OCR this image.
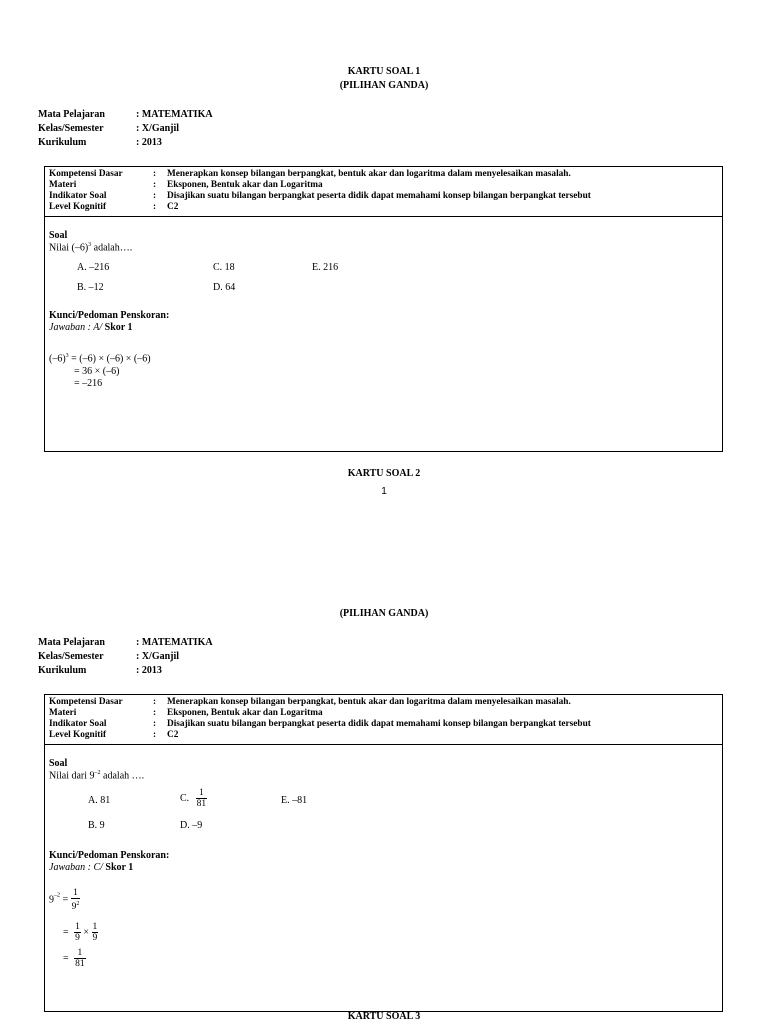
KARTU SOAL 1
(PILIHAN GANDA)
Mata Pelajaran	: MATEMATIKA
Kelas/Semester	: X/Ganjil
Kurikulum	: 2013
Kompetensi Dasar	: Menerapkan konsep bilangan berpangkat, bentuk akar dan logaritma dalam menyelesaikan masalah.
Materi	: Eksponen, Bentuk akar dan Logaritma
Indikator Soal	: Disajikan suatu bilangan berpangkat peserta didik dapat memahami konsep bilangan berpangkat tersebut
Level Kognitif	: C2
Soal
Nilai $(-6)^3$ adalah….
A. –216	C. 18	E. 216
B. –12	D. 64
Kunci/Pedoman Penskoran:
Jawaban : A/ Skor 1
$(-6)^3 = (-6) \times (-6) \times (-6)$
= 36 × (–6)
= –216
KARTU SOAL 2
1
(PILIHAN GANDA)
Mata Pelajaran	: MATEMATIKA
Kelas/Semester	: X/Ganjil
Kurikulum	: 2013
Kompetensi Dasar	: Menerapkan konsep bilangan berpangkat, bentuk akar dan logaritma dalam menyelesaikan masalah.
Materi	: Eksponen, Bentuk akar dan Logaritma
Indikator Soal	: Disajikan suatu bilangan berpangkat peserta didik dapat memahami konsep bilangan berpangkat tersebut
Level Kognitif	: C2
Soal
Nilai dari $9^{-2}$ adalah ….
A. 81	C. $\frac{1}{81}$	E. –81
B. 9	D. –9
Kunci/Pedoman Penskoran:
Jawaban : C/ Skor 1
$9^{-2} = \frac{1}{9^2}$
= $\frac{1}{9} \times \frac{1}{9}$
= $\frac{1}{81}$
KARTU SOAL 3
